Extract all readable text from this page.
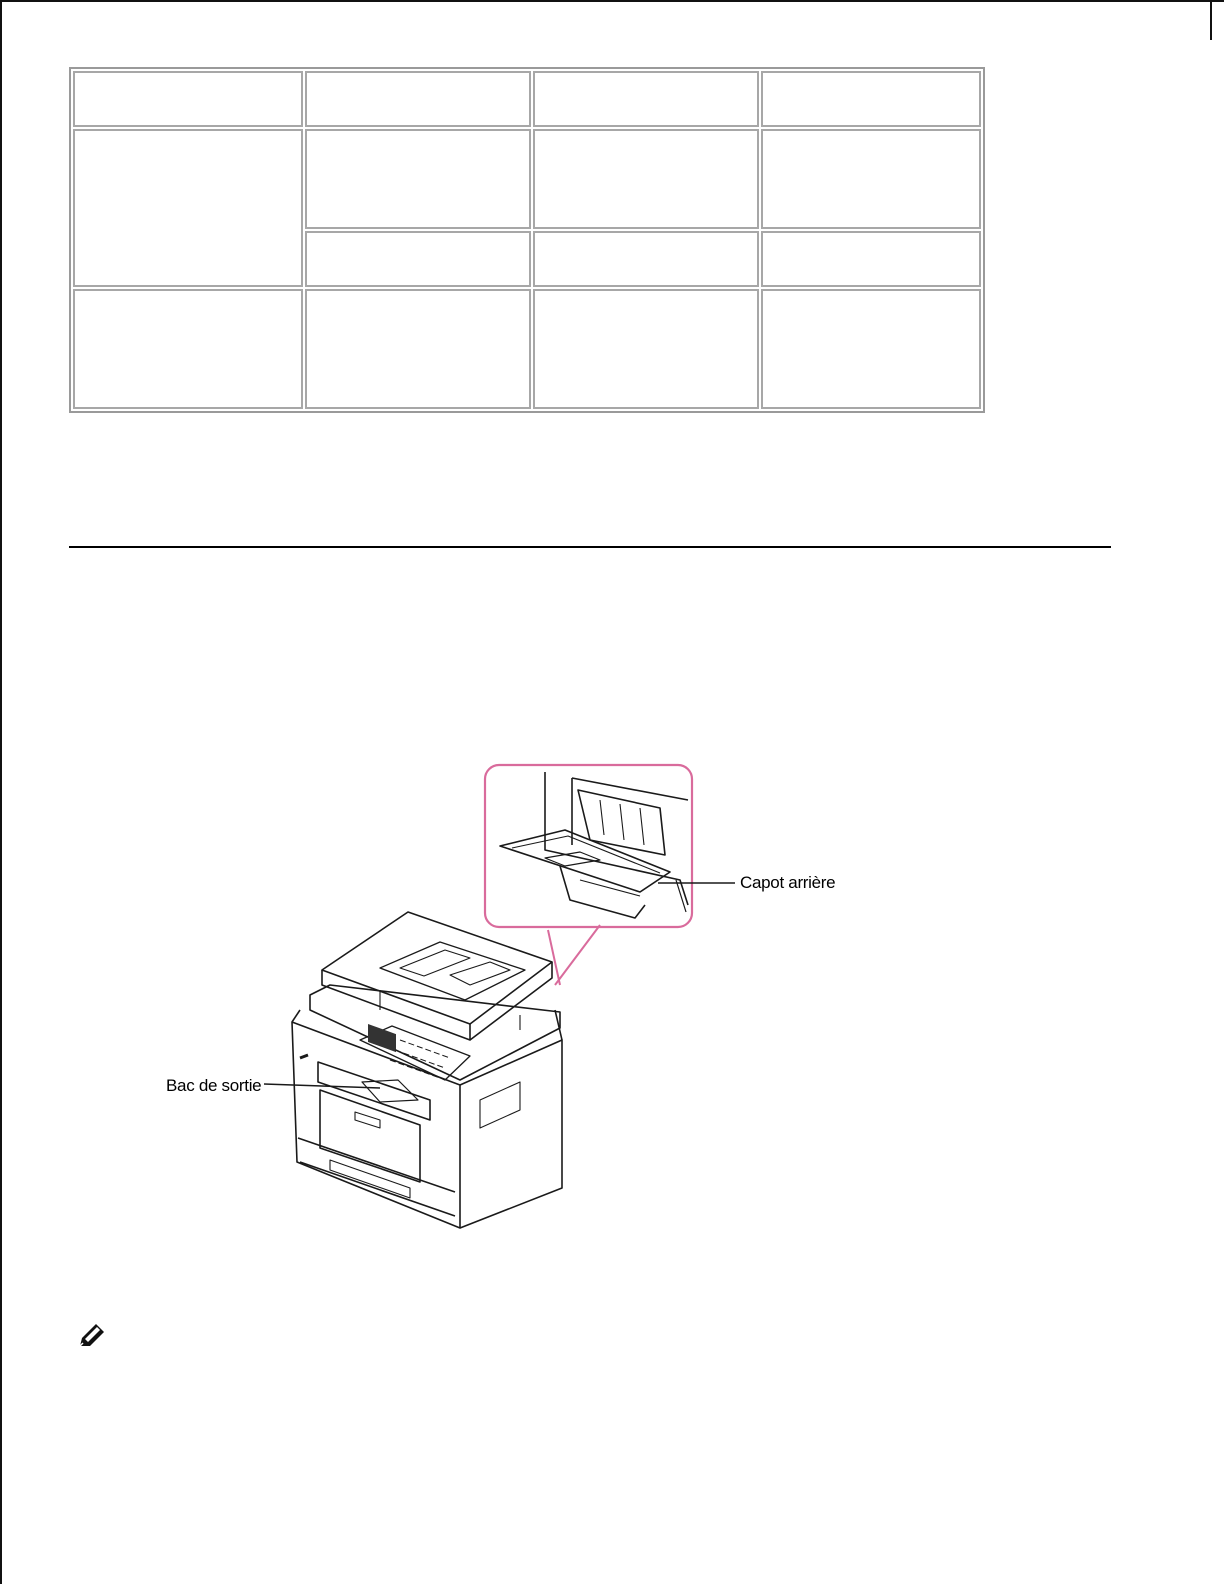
Capot arrière
Bac de sortie
